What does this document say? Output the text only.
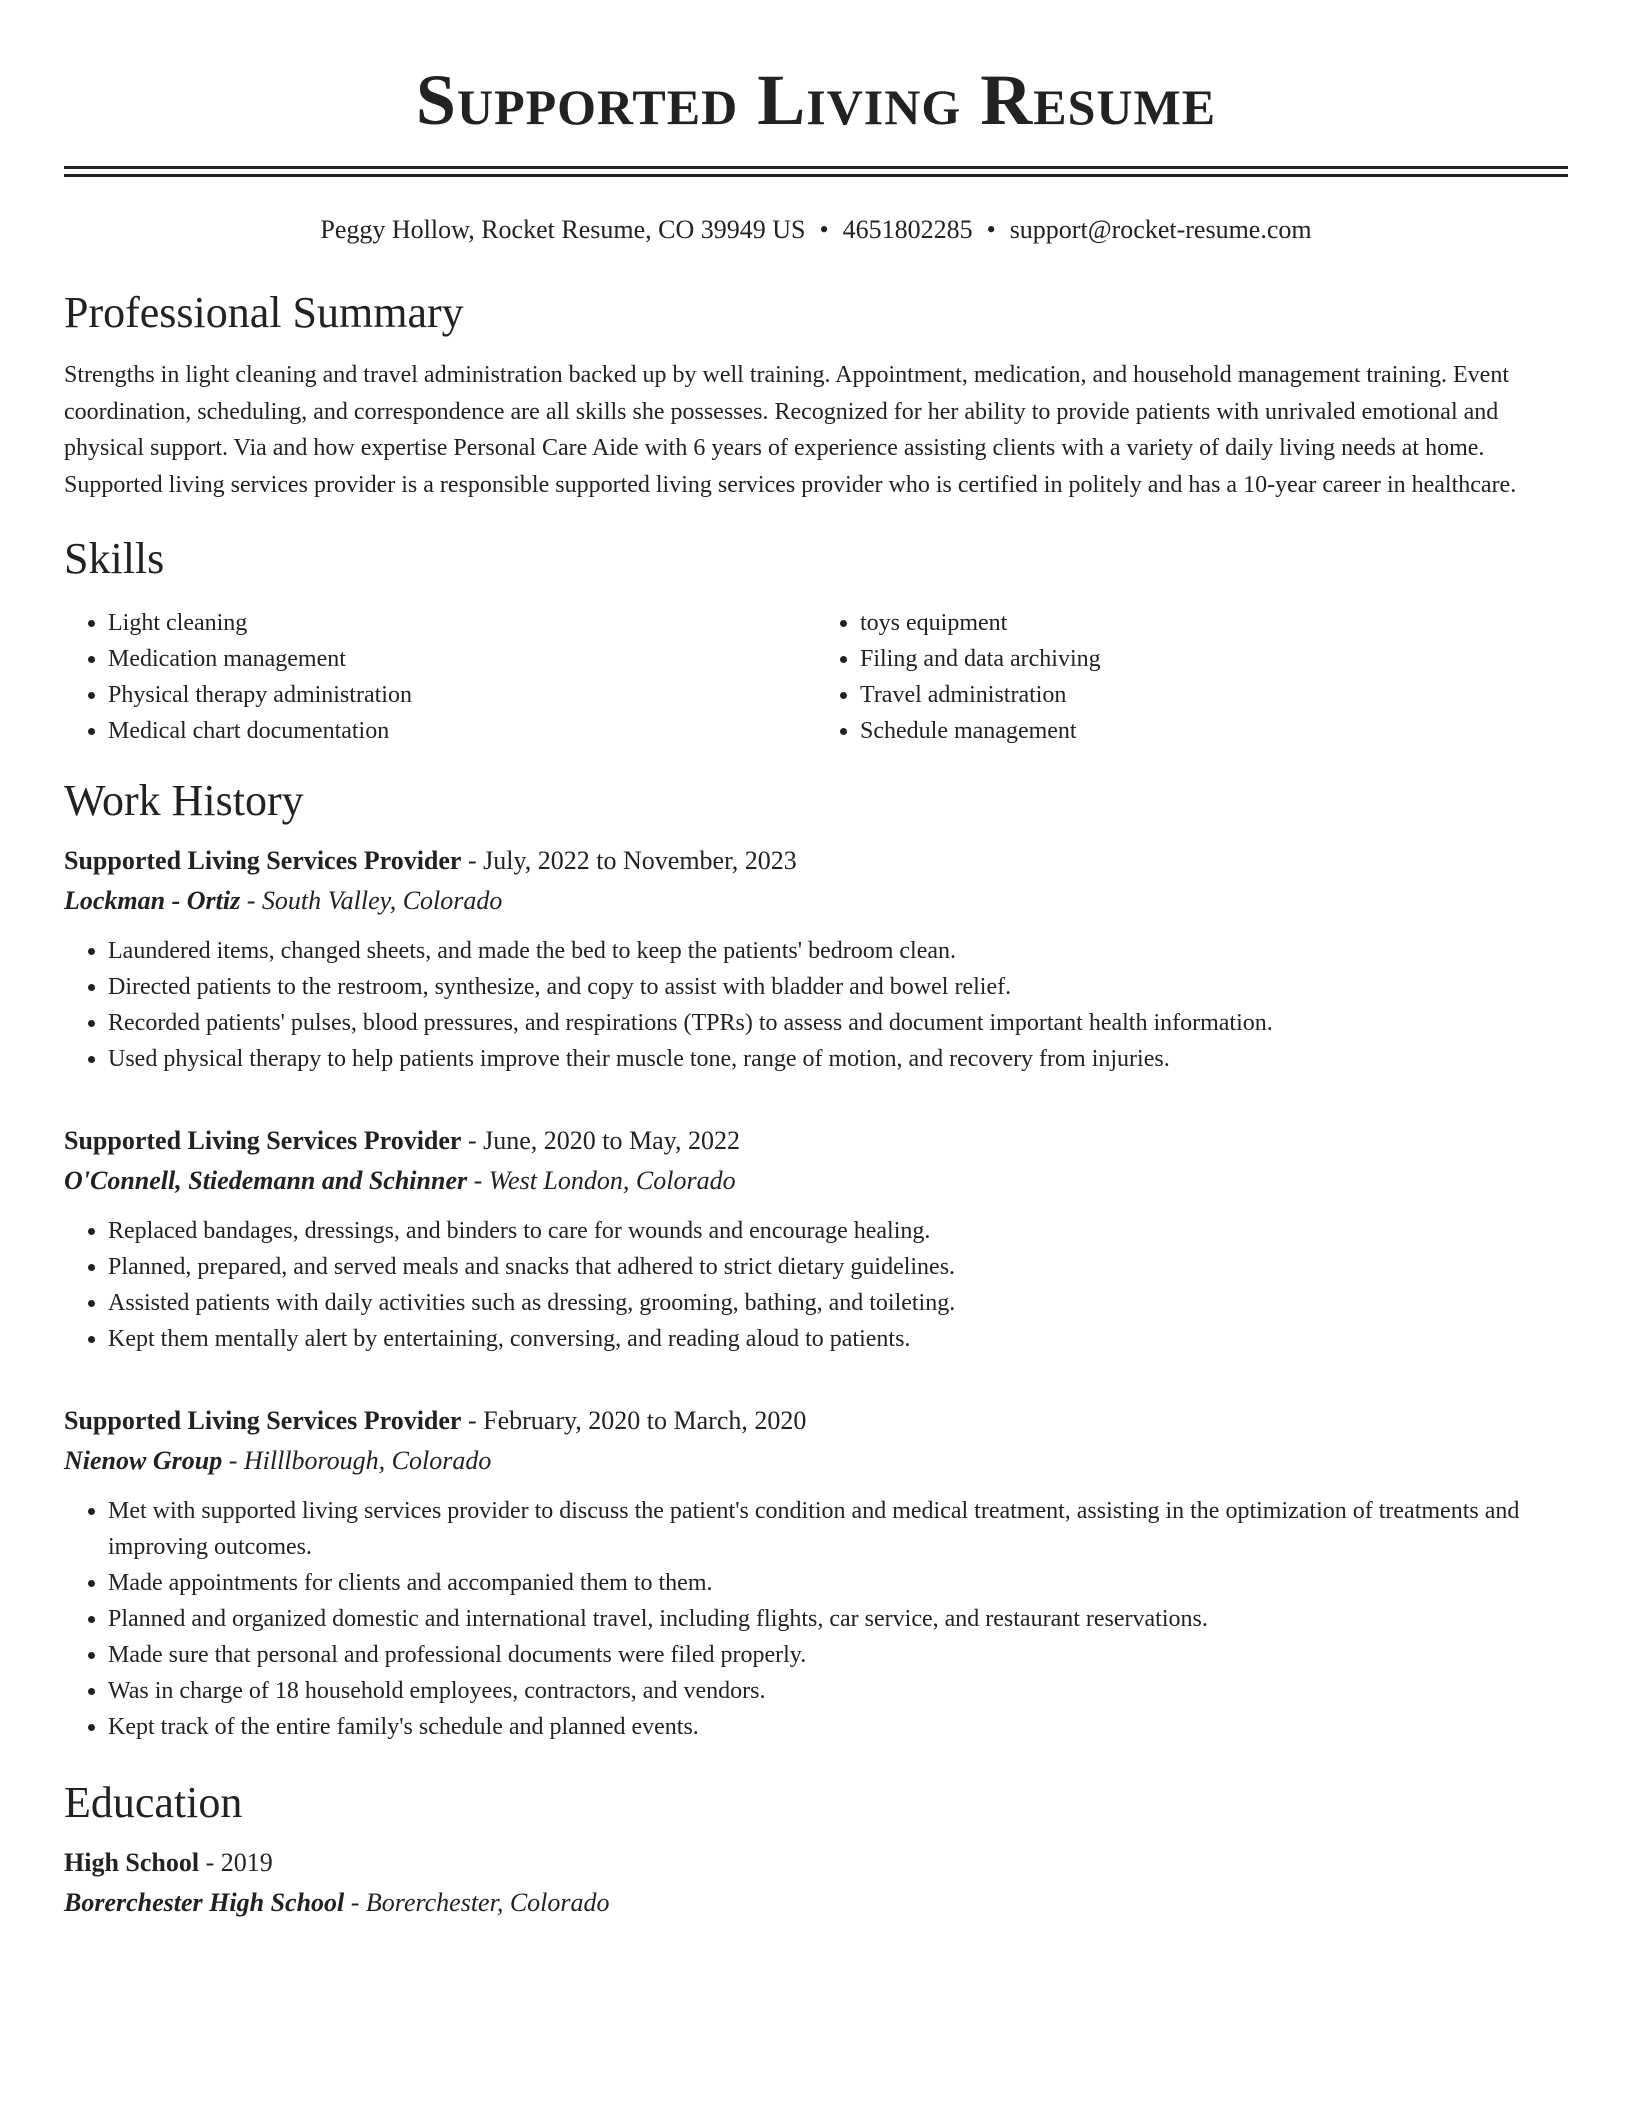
Supported Living Resume
Peggy Hollow, Rocket Resume, CO 39949 US • 4651802285 • support@rocket-resume.com
Professional Summary

Strengths in light cleaning and travel administration backed up by well training. Appointment, medication, and household management training. Event coordination, scheduling, and correspondence are all skills she possesses. Recognized for her ability to provide patients with unrivaled emotional and physical support. Via and how expertise Personal Care Aide with 6 years of experience assisting clients with a variety of daily living needs at home. Supported living services provider is a responsible supported living services provider who is certified in politely and has a 10-year career in healthcare.

Skills
• Light cleaning
• Medication management
• Physical therapy administration
• Medical chart documentation
• toys equipment
• Filing and data archiving
• Travel administration
• Schedule management
Work History
Supported Living Services Provider - July, 2022 to November, 2023
Lockman - Ortiz - South Valley, Colorado
• Laundered items, changed sheets, and made the bed to keep the patients' bedroom clean.
• Directed patients to the restroom, synthesize, and copy to assist with bladder and bowel relief.
• Recorded patients' pulses, blood pressures, and respirations (TPRs) to assess and document important health information.
• Used physical therapy to help patients improve their muscle tone, range of motion, and recovery from injuries.
Supported Living Services Provider - June, 2020 to May, 2022
O'Connell, Stiedemann and Schinner - West London, Colorado
• Replaced bandages, dressings, and binders to care for wounds and encourage healing.
• Planned, prepared, and served meals and snacks that adhered to strict dietary guidelines.
• Assisted patients with daily activities such as dressing, grooming, bathing, and toileting.
• Kept them mentally alert by entertaining, conversing, and reading aloud to patients.
Supported Living Services Provider - February, 2020 to March, 2020
Nienow Group - Hilllborough, Colorado
• Met with supported living services provider to discuss the patient's condition and medical treatment, assisting in the optimization of treatments and improving outcomes.
• Made appointments for clients and accompanied them to them.
• Planned and organized domestic and international travel, including flights, car service, and restaurant reservations.
• Made sure that personal and professional documents were filed properly.
• Was in charge of 18 household employees, contractors, and vendors.
• Kept track of the entire family's schedule and planned events.
Education
High School - 2019
Borerchester High School - Borerchester, Colorado
